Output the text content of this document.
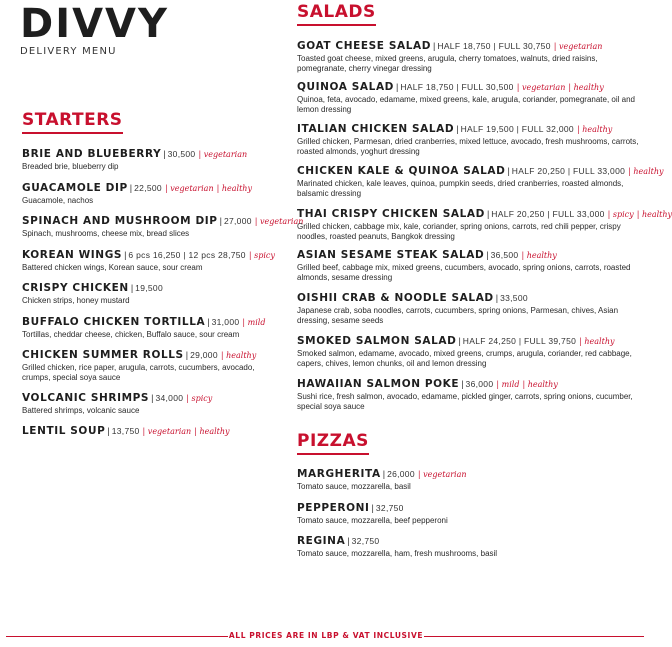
DIVVY
DELIVERY MENU
STARTERS
BRIE AND BLUEBERRY | 30,500 | vegetarian
Breaded brie, blueberry dip
GUACAMOLE DIP | 22,500 | vegetarian | healthy
Guacamole, nachos
SPINACH AND MUSHROOM DIP | 27,000 | vegetarian
Spinach, mushrooms, cheese mix, bread slices
KOREAN WINGS | 6 pcs 16,250 | 12 pcs 28,750 | spicy
Battered chicken wings, Korean sauce, sour cream
CRISPY CHICKEN | 19,500
Chicken strips, honey mustard
BUFFALO CHICKEN TORTILLA | 31,000 | mild
Tortillas, cheddar cheese, chicken, Buffalo sauce, sour cream
CHICKEN SUMMER ROLLS | 29,000 | healthy
Grilled chicken, rice paper, arugula, carrots, cucumbers, avocado, crumps, special soya sauce
VOLCANIC SHRIMPS | 34,000 | spicy
Battered shrimps, volcanic sauce
LENTIL SOUP | 13,750 | vegetarian | healthy
SALADS
PIZZAS
GOAT CHEESE SALAD | HALF 18,750 | FULL 30,750 | vegetarian
Toasted goat cheese, mixed greens, arugula, cherry tomatoes, walnuts, dried raisins, pomegranate, cherry vinegar dressing
QUINOA SALAD | HALF 18,750 | FULL 30,500 | vegetarian | healthy
Quinoa, feta, avocado, edamame, mixed greens, kale, arugula, coriander, pomegranate, oil and lemon dressing
ITALIAN CHICKEN SALAD | HALF 19,500 | FULL 32,000 | healthy
Grilled chicken, Parmesan, dried cranberries, mixed lettuce, avocado, fresh mushrooms, carrots, roasted almonds, yoghurt dressing
CHICKEN KALE & QUINOA SALAD | HALF 20,250 | FULL 33,000 | healthy
Marinated chicken, kale leaves, quinoa, pumpkin seeds, dried cranberries, roasted almonds, balsamic dressing
THAI CRISPY CHICKEN SALAD | HALF 20,250 | FULL 33,000 | spicy | healthy
Grilled chicken, cabbage mix, kale, coriander, spring onions, carrots, red chili pepper, crispy noodles, roasted peanuts, Bangkok dressing
ASIAN SESAME STEAK SALAD | 36,500 | healthy
Grilled beef, cabbage mix, mixed greens, cucumbers, avocado, spring onions, carrots, roasted almonds, sesame dressing
OISHII CRAB & NOODLE SALAD | 33,500
Japanese crab, soba noodles, carrots, cucumbers, spring onions, Parmesan, chives, Asian dressing, sesame seeds
SMOKED SALMON SALAD | HALF 24,250 | FULL 39,750 | healthy
Smoked salmon, edamame, avocado, mixed greens, crumps, arugula, coriander, red cabbage, capers, chives, lemon chunks, oil and lemon dressing
HAWAIIAN SALMON POKE | 36,000 | mild | healthy
Sushi rice, fresh salmon, avocado, edamame, pickled ginger, carrots, spring onions, cucumber, special soya sauce
MARGHERITA | 26,000 | vegetarian
Tomato sauce, mozzarella, basil
PEPPERONI | 32,750
Tomato sauce, mozzarella, beef pepperoni
REGINA | 32,750
Tomato sauce, mozzarella, ham, fresh mushrooms, basil
ALL PRICES ARE IN LBP & VAT INCLUSIVE
